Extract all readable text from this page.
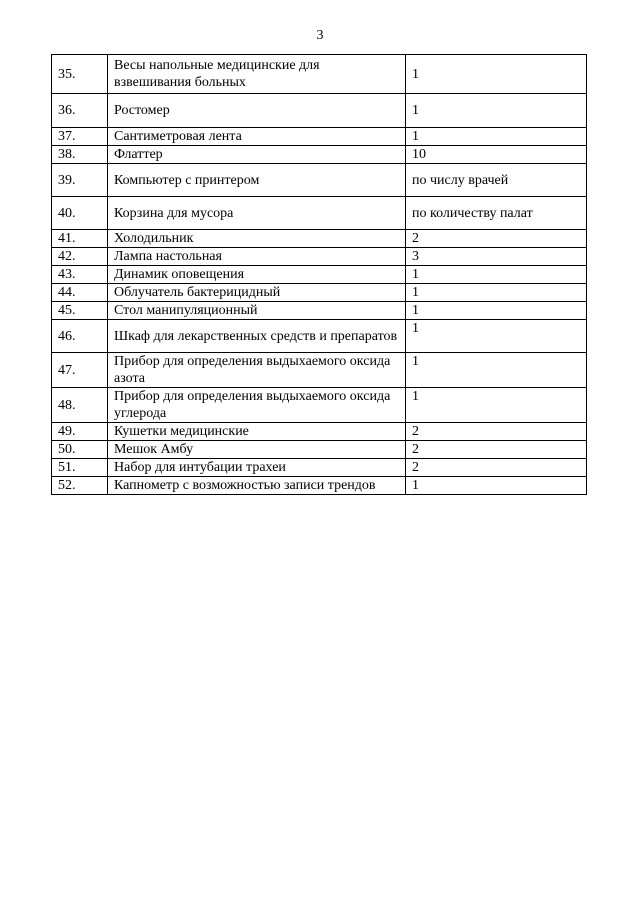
3
35.	Весы напольные медицинские для взвешивания больных	1
36.	Ростомер	1
37.	Сантиметровая лента	1
38.	Флаттер	10
39.	Компьютер с принтером	по числу врачей
40.	Корзина для мусора	по количеству палат
41.	Холодильник	2
42.	Лампа настольная	3
43.	Динамик оповещения	1
44.	Облучатель бактерицидный	1
45.	Стол манипуляционный	1
46.	Шкаф для лекарственных средств и препаратов	1
47.	Прибор для определения выдыхаемого оксида азота	1
48.	Прибор для определения выдыхаемого оксида углерода	1
49.	Кушетки медицинские	2
50.	Мешок Амбу	2
51.	Набор для интубации трахеи	2
52.	Капнометр с возможностью записи трендов	1
